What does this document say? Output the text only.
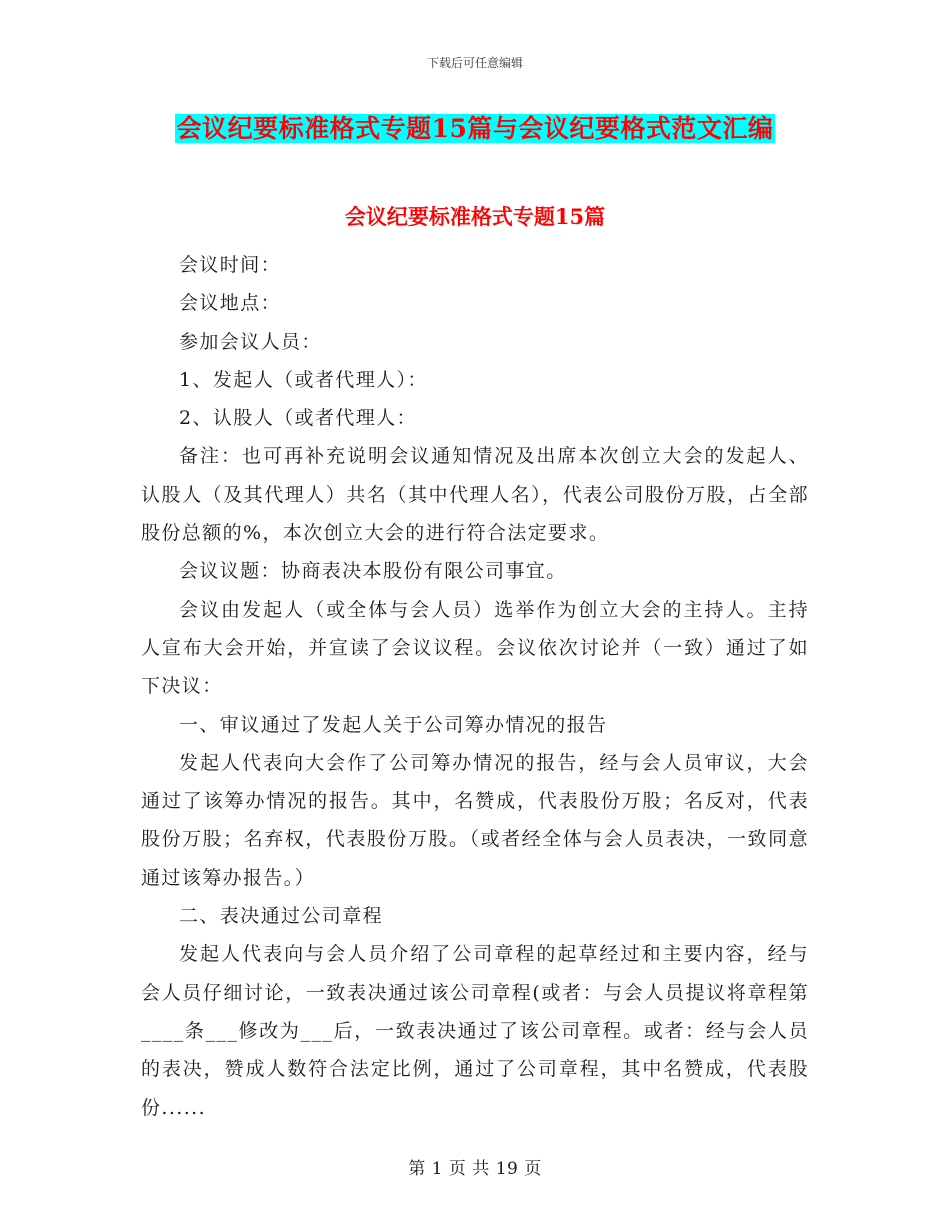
下载后可任意编辑
会议纪要标准格式专题15篇与会议纪要格式范文汇编
会议纪要标准格式专题15篇

会议时间：

会议地点：

参加会议人员：

1、发起人（或者代理人）：

2、认股人（或者代理人：

备注：也可再补充说明会议通知情况及出席本次创立大会的发起人、认股人（及其代理人）共名（其中代理人名），代表公司股份万股，占全部股份总额的%，本次创立大会的进行符合法定要求。

会议议题：协商表决本股份有限公司事宜。

会议由发起人（或全体与会人员）选举作为创立大会的主持人。主持人宣布大会开始，并宣读了会议议程。会议依次讨论并（一致）通过了如下决议：

一、审议通过了发起人关于公司筹办情况的报告

发起人代表向大会作了公司筹办情况的报告，经与会人员审议，大会通过了该筹办情况的报告。其中，名赞成，代表股份万股；名反对，代表股份万股；名弃权，代表股份万股。（或者经全体与会人员表决，一致同意通过该筹办报告。）

二、表决通过公司章程

发起人代表向与会人员介绍了公司章程的起草经过和主要内容，经与会人员仔细讨论，一致表决通过该公司章程(或者：与会人员提议将章程第____条___修改为___后，一致表决通过了该公司章程。或者：经与会人员的表决，赞成人数符合法定比例，通过了公司章程，其中名赞成，代表股份......

第 1 页 共 19 页
